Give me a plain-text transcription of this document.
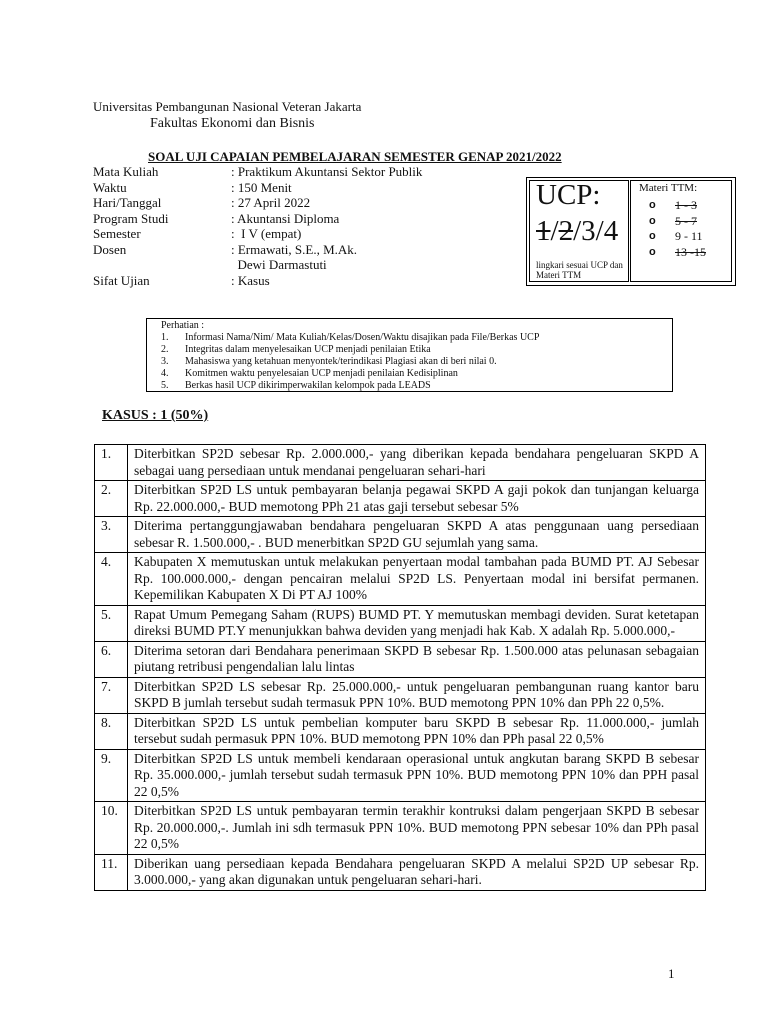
Universitas Pembangunan Nasional Veteran Jakarta
Fakultas Ekonomi dan Bisnis
SOAL UJI CAPAIAN PEMBELAJARAN SEMESTER GENAP 2021/2022
Mata Kuliah	: Praktikum Akuntansi Sektor Publik
Waktu	: 150 Menit
Hari/Tanggal	: 27 April 2022
Program Studi	: Akuntansi Diploma
Semester	:  I V (empat)
Dosen	: Ermawati, S.E., M.Ak.
Dewi Darmastuti
Sifat Ujian	: Kasus
UCP:
1/2/3/4
lingkari sesuai UCP dan Materi TTM
Materi TTM:
o	1 - 3
o	5 - 7
o	9 - 11
o	13 -15
Perhatian :
1.	Informasi Nama/Nim/ Mata Kuliah/Kelas/Dosen/Waktu disajikan pada File/Berkas UCP
2.	Integritas dalam menyelesaikan UCP menjadi penilaian Etika
3.	Mahasiswa yang ketahuan menyontek/terindikasi Plagiasi akan di beri nilai 0.
4.	Komitmen waktu penyelesaian UCP menjadi penilaian Kedisiplinan
5.	Berkas hasil UCP dikirimperwakilan kelompok pada LEADS
KASUS : 1 (50%)
1.	Diterbitkan SP2D sebesar Rp. 2.000.000,- yang diberikan kepada bendahara pengeluaran SKPD A sebagai uang persediaan untuk mendanai pengeluaran sehari-hari
2.	Diterbitkan SP2D LS untuk pembayaran belanja pegawai SKPD A gaji pokok dan tunjangan keluarga Rp. 22.000.000,- BUD memotong PPh 21 atas gaji tersebut sebesar 5%
3.	Diterima pertanggungjawaban bendahara pengeluaran SKPD A atas penggunaan uang persediaan sebesar R. 1.500.000,- . BUD menerbitkan SP2D GU sejumlah yang sama.
4.	Kabupaten X memutuskan untuk melakukan penyertaan modal tambahan pada BUMD PT. AJ Sebesar Rp. 100.000.000,- dengan pencairan melalui SP2D LS. Penyertaan modal ini bersifat permanen. Kepemilikan Kabupaten X Di PT AJ 100%
5.	Rapat Umum Pemegang Saham (RUPS) BUMD PT. Y memutuskan membagi deviden. Surat ketetapan direksi BUMD PT.Y menunjukkan bahwa deviden yang menjadi hak Kab. X adalah Rp. 5.000.000,-
6.	Diterima setoran dari Bendahara penerimaan SKPD B sebesar Rp. 1.500.000 atas pelunasan sebagaian piutang retribusi pengendalian lalu lintas
7.	Diterbitkan SP2D LS sebesar Rp. 25.000.000,- untuk pengeluaran pembangunan ruang kantor baru SKPD B jumlah tersebut sudah termasuk PPN 10%. BUD memotong PPN 10% dan PPh 22 0,5%.
8.	Diterbitkan SP2D LS untuk pembelian komputer baru SKPD B sebesar Rp. 11.000.000,- jumlah tersebut sudah permasuk PPN 10%. BUD memotong PPN 10% dan PPh pasal 22 0,5%
9.	Diterbitkan SP2D LS untuk membeli kendaraan operasional untuk angkutan barang SKPD B sebesar Rp. 35.000.000,- jumlah tersebut sudah termasuk PPN 10%. BUD memotong PPN 10% dan PPH pasal 22 0,5%
10.	Diterbitkan SP2D LS untuk pembayaran termin terakhir kontruksi dalam pengerjaan SKPD B sebesar Rp. 20.000.000,-. Jumlah ini sdh termasuk PPN 10%. BUD memotong PPN sebesar 10% dan PPh pasal 22 0,5%
11.	Diberikan uang persediaan kepada Bendahara pengeluaran SKPD A melalui SP2D UP sebesar Rp. 3.000.000,- yang akan digunakan untuk pengeluaran sehari-hari.
1
